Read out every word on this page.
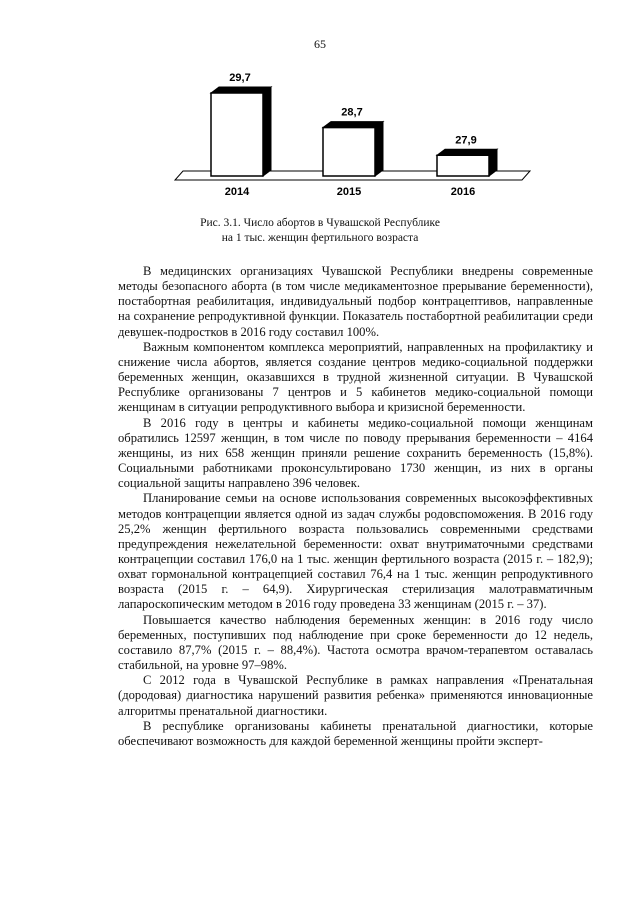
65
29,7
28,7
27,9
2014	2015	2016
Рис. 3.1. Число абортов в Чувашской Республике
на 1 тыс. женщин фертильного возраста

В медицинских организациях Чувашской Республики внедрены современные методы безопасного аборта (в том числе медикаментозное прерывание беременности), постабортная реабилитация, индивидуальный подбор контрацептивов, направленные на сохранение репродуктивной функции. Показатель постабортной реабилитации среди девушек-подростков в 2016 году составил 100%.

Важным компонентом комплекса мероприятий, направленных на профилактику и снижение числа абортов, является создание центров медико-социальной поддержки беременных женщин, оказавшихся в трудной жизненной ситуации. В Чувашской Республике организованы 7 центров и 5 кабинетов медико-социальной помощи женщинам в ситуации репродуктивного выбора и кризисной беременности.

В 2016 году в центры и кабинеты медико-социальной помощи женщинам обратились 12597 женщин, в том числе по поводу прерывания беременности – 4164 женщины, из них 658 женщин приняли решение сохранить беременность (15,8%). Социальными работниками проконсультировано 1730 женщин, из них в органы социальной защиты направлено 396 человек.

Планирование семьи на основе использования современных высокоэффективных методов контрацепции является одной из задач службы родовспоможения. В 2016 году 25,2% женщин фертильного возраста пользовались современными средствами предупреждения нежелательной беременности: охват внутриматочными средствами контрацепции составил 176,0 на 1 тыс. женщин фертильного возраста (2015 г. – 182,9); охват гормональной контрацепцией составил 76,4 на 1 тыс. женщин репродуктивного возраста (2015 г. – 64,9). Хирургическая стерилизация малотравматичным лапароскопическим методом в 2016 году проведена 33 женщинам (2015 г. – 37).

Повышается качество наблюдения беременных женщин: в 2016 году число беременных, поступивших под наблюдение при сроке беременности до 12 недель, составило 87,7% (2015 г. – 88,4%). Частота осмотра врачом-терапевтом оставалась стабильной, на уровне 97–98%.

С 2012 года в Чувашской Республике в рамках направления «Пренатальная (дородовая) диагностика нарушений развития ребенка» применяются инновационные алгоритмы пренатальной диагностики.

В республике организованы кабинеты пренатальной диагностики, которые обеспечивают возможность для каждой беременной женщины пройти эксперт-
